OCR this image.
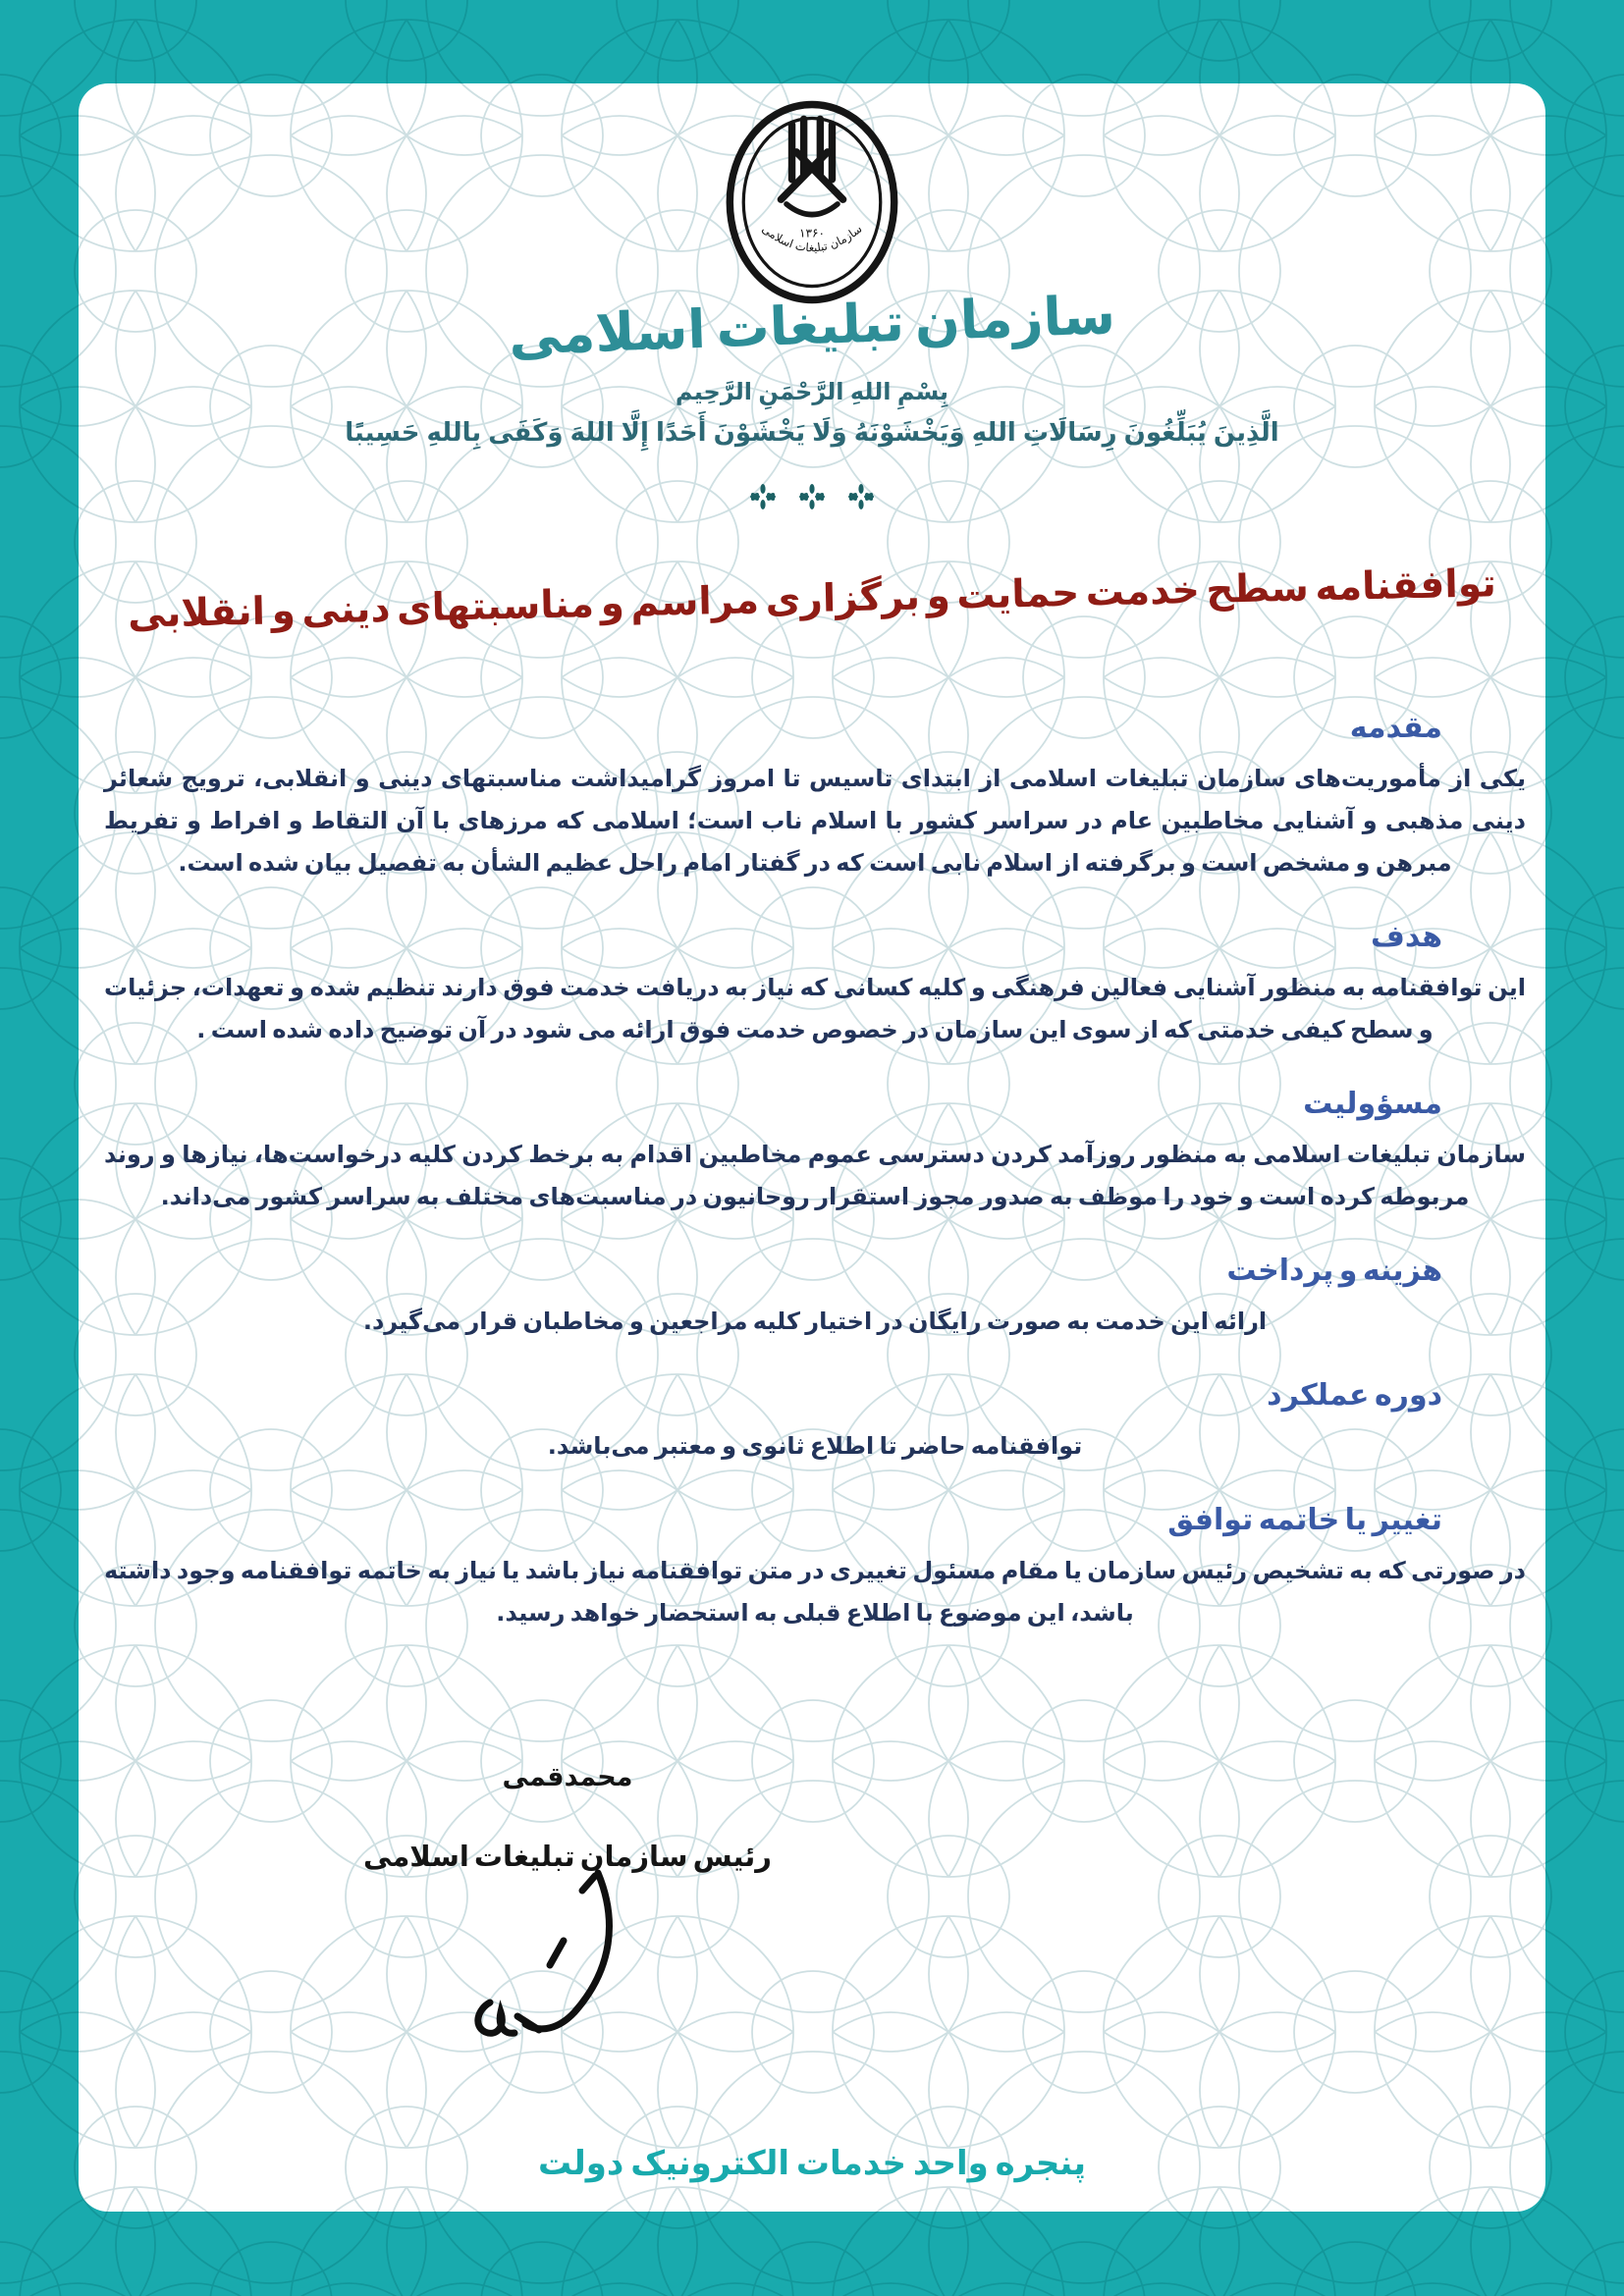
۱۳۶۰
سازمان تبلیغات اسلامی
سازمان تبلیغات اسلامی
بِسْمِ اللهِ الرَّحْمَنِ الرَّحِيم
الَّذِينَ يُبَلِّغُونَ رِسَالَاتِ اللهِ وَيَخْشَوْنَهُ وَلَا يَخْشَوْنَ أَحَدًا إِلَّا اللهَ وَكَفَى بِاللهِ حَسِيبًا
توافقنامه سطح خدمت حمایت و برگزاری مراسم و مناسبتهای دینی و انقلابی
مقدمه

یکی از مأموریت‌های سازمان تبلیغات اسلامی از ابتدای تاسیس تا امروز گرامیداشت مناسبتهای دینی و انقلابی، ترویج شعائر دینی مذهبی و آشنایی مخاطبین عام در سراسر کشور با اسلام ناب است؛ اسلامی که مرزهای با آن التقاط و افراط و تفریط مبرهن و مشخص است و برگرفته از اسلام نابی است که در گفتار امام راحل عظیم الشأن به تفصیل بیان شده است.

هدف

این توافقنامه به منظور آشنایی فعالین فرهنگی و کلیه کسانی که نیاز به دریافت خدمت فوق دارند تنظیم شده و تعهدات، جزئیات و سطح کیفی خدمتی که از سوی این سازمان در خصوص خدمت فوق ارائه می شود در آن توضیح داده شده است .

مسؤولیت

سازمان تبلیغات اسلامی به منظور روزآمد کردن دسترسی عموم مخاطبین اقدام به برخط کردن کلیه درخواست‌ها، نیازها و روند مربوطه کرده است و خود را موظف به صدور مجوز استقرار روحانیون در مناسبت‌های مختلف به سراسر کشور می‌داند.

هزینه و پرداخت

ارائه این خدمت به صورت رایگان در اختیار کلیه مراجعین و مخاطبان قرار می‌گیرد.

دوره عملکرد

توافقنامه حاضر تا اطلاع ثانوی و معتبر می‌باشد.

تغییر یا خاتمه توافق

در صورتی که به تشخیص رئیس سازمان یا مقام مسئول تغییری در متن توافقنامه نیاز باشد یا نیاز به خاتمه توافقنامه وجود داشته باشد، این موضوع با اطلاع قبلی به استحضار خواهد رسید.

محمدقمی

رئیس سازمان تبلیغات اسلامی

پنجره واحد خدمات الکترونیک دولت
